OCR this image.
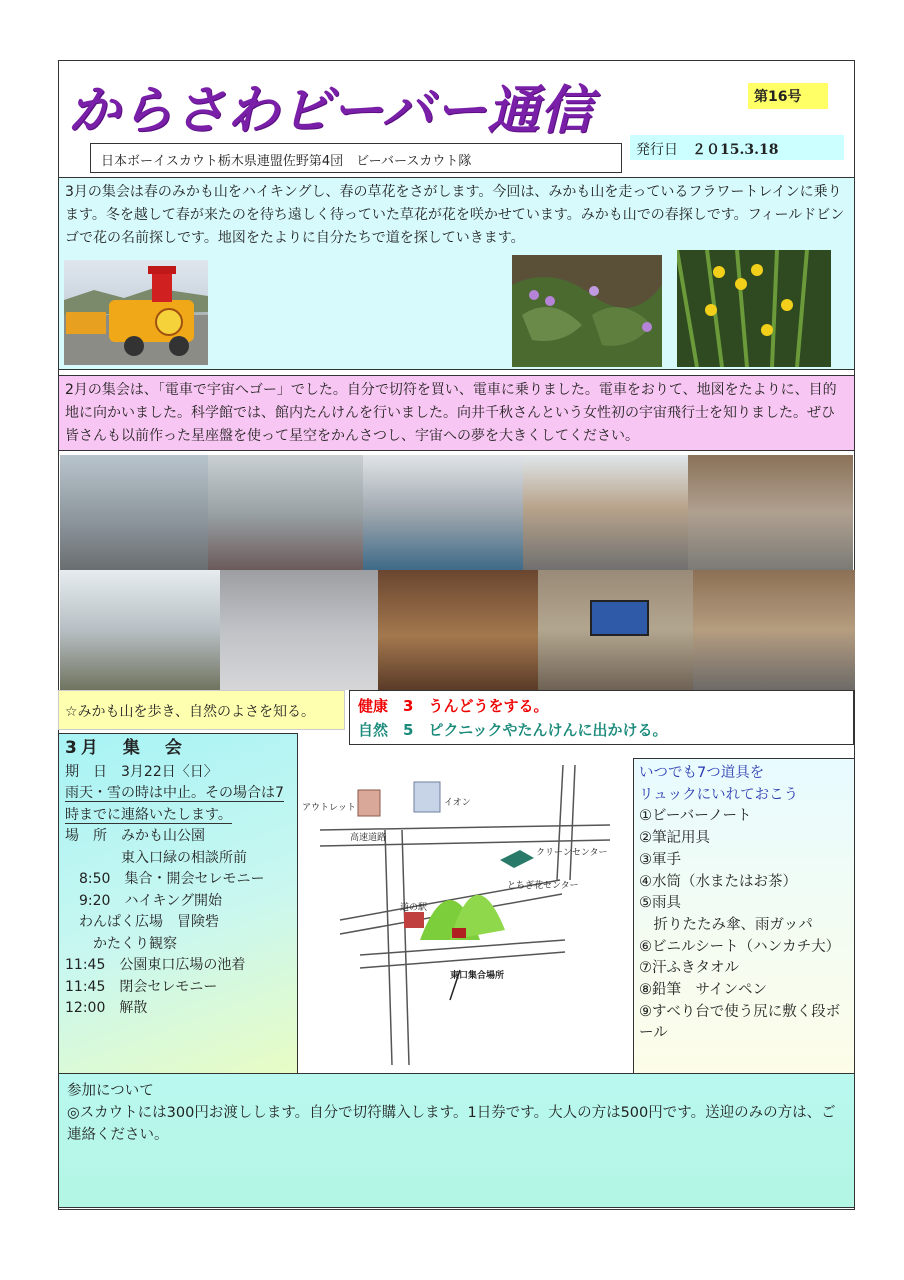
からさわビーバー通信	第16号
日本ボーイスカウト栃木県連盟佐野第4団　ビーバースカウト隊
発行日　 ２０15.3.18

3月の集会は春のみかも山をハイキングし、春の草花をさがします。今回は、みかも山を走っているフラワートレインに乗ります。冬を越して春が来たのを待ち遠しく待っていた草花が花を咲かせています。みかも山での春探しです。フィールドビンゴで花の名前探しです。地図をたよりに自分たちで道を探していきます。

2月の集会は、「電車で宇宙へゴー」でした。自分で切符を買い、電車に乗りました。電車をおりて、地図をたよりに、目的地に向かいました。科学館では、館内たんけんを行いました。向井千秋さんという女性初の宇宙飛行士を知りました。ぜひ皆さんも以前作った星座盤を使って星空をかんさつし、宇宙への夢を大きくしてください。

☆みかも山を歩き、自然のよさを知る。	健康　3　うんどうをする。
自然　5　ピクニックやたんけんに出かける。
3月　集　会
期　日　3月22日〈日〉
雨天・雪の時は中止。その場合は7時までに連絡いたします。
場　所　みかも山公園
　　　　東入口緑の相談所前
　8:50　集合・開会セレモニー
　9:20　ハイキング開始
　わんぱく広場　冒険砦
　　かたくり観察
11:45　公園東口広場の池着
11:45　閉会セレモニー
12:00　解散
アウトレット	イオン
高速道路
クリーンセンター
とちぎ花センター
道の駅
東口集合場所
いつでも7つ道具を
リュックにいれておこう
①ビーバーノート
②筆記用具
③軍手
④水筒（水またはお茶）
⑤雨具
　折りたたみ傘、雨ガッパ
⑥ビニルシート（ハンカチ大）
⑦汗ふきタオル
⑧鉛筆　サインペン
⑨すべり台で使う尻に敷く段ボール
参加について
◎スカウトには300円お渡しします。自分で切符購入します。1日券です。大人の方は500円です。送迎のみの方は、ご連絡ください。
